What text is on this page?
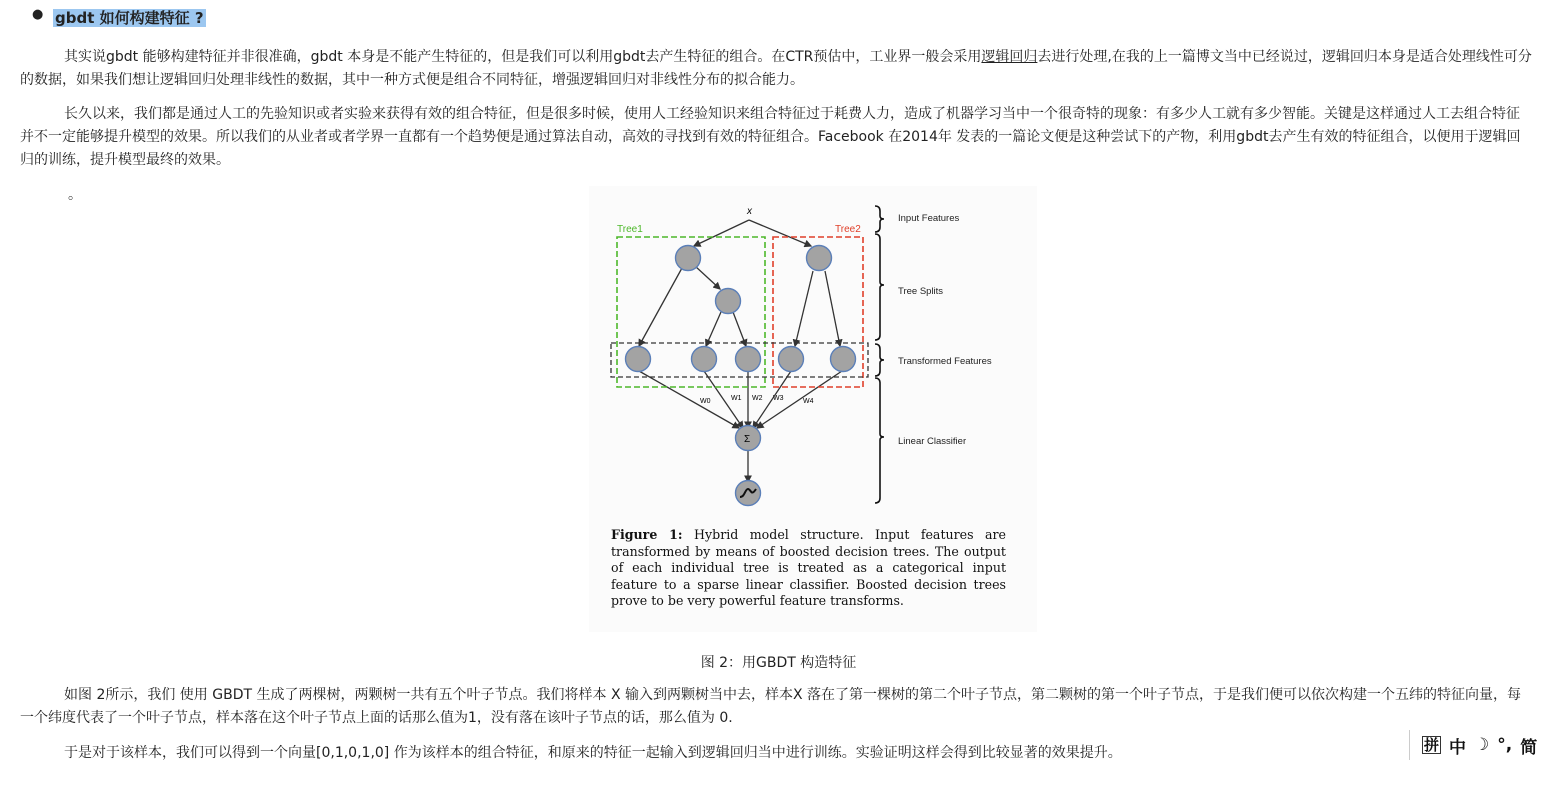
● gbdt 如何构建特征 ?
其实说gbdt 能够构建特征并非很准确，gbdt 本身是不能产生特征的，但是我们可以利用gbdt去产生特征的组合。在CTR预估中，工业界一般会采用逻辑回归去进行处理,在我的上一篇博文当中已经说过，逻辑回归本身是适合处理线性可分的数据，如果我们想让逻辑回归处理非线性的数据，其中一种方式便是组合不同特征，增强逻辑回归对非线性分布的拟合能力。
长久以来，我们都是通过人工的先验知识或者实验来获得有效的组合特征，但是很多时候，使用人工经验知识来组合特征过于耗费人力，造成了机器学习当中一个很奇特的现象：有多少人工就有多少智能。关键是这样通过人工去组合特征并不一定能够提升模型的效果。所以我们的从业者或者学界一直都有一个趋势便是通过算法自动，高效的寻找到有效的特征组合。Facebook 在2014年 发表的一篇论文便是这种尝试下的产物，利用gbdt去产生有效的特征组合，以便用于逻辑回归的训练，提升模型最终的效果。
。
x
Tree1	Tree2
Σ
W0	W1 W2 W3	W4
Input Features
Tree Splits
Transformed Features
Linear Classifier
Figure 1: Hybrid model structure. Input features are transformed by means of boosted decision trees. The output of each individual tree is treated as a categorical input feature to a sparse linear classifier. Boosted decision trees prove to be very powerful feature transforms.
图 2：用GBDT 构造特征
如图 2所示，我们 使用 GBDT 生成了两棵树，两颗树一共有五个叶子节点。我们将样本 X 输入到两颗树当中去，样本X 落在了第一棵树的第二个叶子节点，第二颗树的第一个叶子节点，于是我们便可以依次构建一个五纬的特征向量，每一个纬度代表了一个叶子节点，样本落在这个叶子节点上面的话那么值为1，没有落在该叶子节点的话，那么值为 0.
于是对于该样本，我们可以得到一个向量[0,1,0,1,0] 作为该样本的组合特征，和原来的特征一起输入到逻辑回归当中进行训练。实验证明这样会得到比较显著的效果提升。	拼 中 ☽ °, 简
